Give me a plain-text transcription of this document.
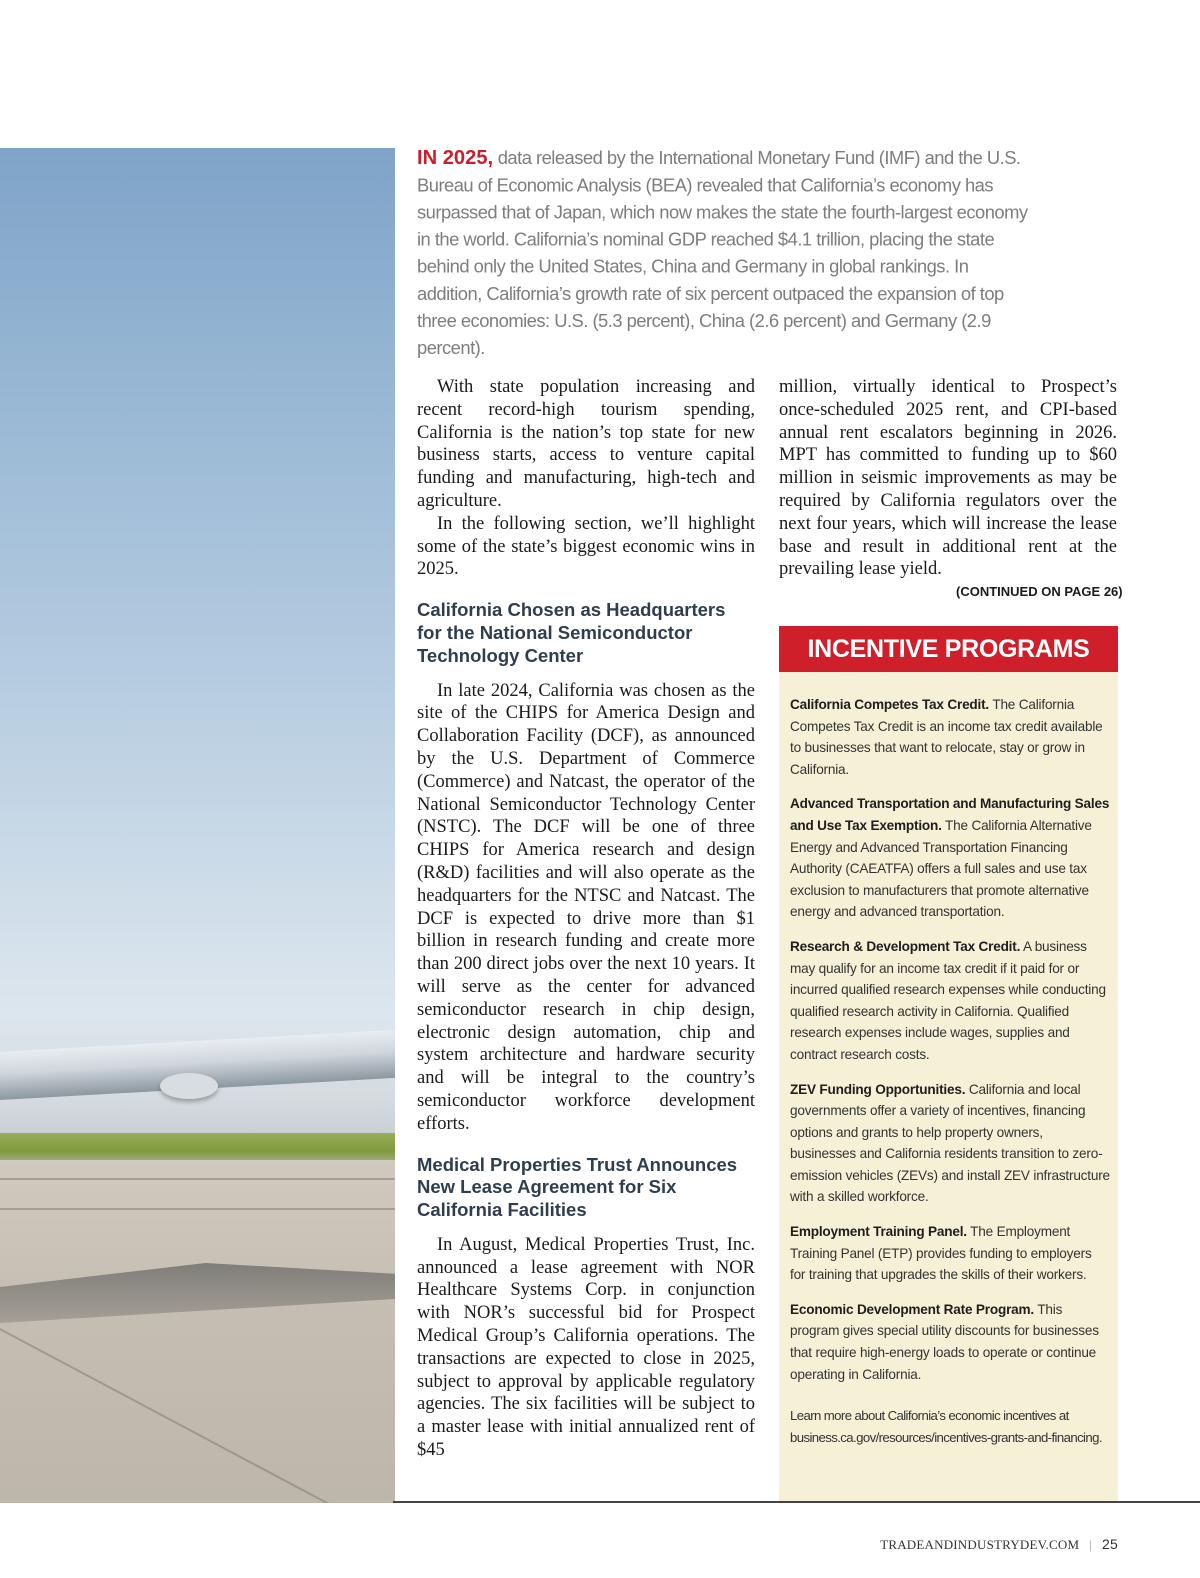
IN 2025, data released by the International Monetary Fund (IMF) and the U.S. Bureau of Economic Analysis (BEA) revealed that California’s economy has surpassed that of Japan, which now makes the state the fourth-largest economy in the world. California’s nominal GDP reached $4.1 trillion, placing the state behind only the United States, China and Germany in global rankings. In addition, California’s growth rate of six percent outpaced the expansion of top three economies: U.S. (5.3 percent), China (2.6 percent) and Germany (2.9 percent).

With state population increasing and recent record-high tourism spending, California is the nation’s top state for new business starts, access to venture capital funding and manufacturing, high-tech and agriculture.

In the following section, we’ll highlight some of the state’s biggest economic wins in 2025.

California Chosen as Headquarters for the National Semiconductor Technology Center

In late 2024, California was chosen as the site of the CHIPS for America Design and Collaboration Facility (DCF), as announced by the U.S. Department of Commerce (Commerce) and Natcast, the operator of the National Semiconductor Technology Center (NSTC). The DCF will be one of three CHIPS for America research and design (R&D) facilities and will also operate as the headquarters for the NTSC and Natcast. The DCF is expected to drive more than $1 billion in research funding and create more than 200 direct jobs over the next 10 years. It will serve as the center for advanced semiconductor research in chip design, electronic design automation, chip and system architecture and hardware security and will be integral to the country’s semiconductor workforce development efforts.

Medical Properties Trust Announces New Lease Agreement for Six California Facilities

In August, Medical Properties Trust, Inc. announced a lease agreement with NOR Healthcare Systems Corp. in conjunction with NOR’s successful bid for Prospect Medical Group’s California operations. The transactions are expected to close in 2025, subject to approval by applicable regulatory agencies. The six facilities will be subject to a master lease with initial annualized rent of $45

million, virtually identical to Prospect’s once-scheduled 2025 rent, and CPI-based annual rent escalators beginning in 2026. MPT has committed to funding up to $60 million in seismic improvements as may be required by California regulators over the next four years, which will increase the lease base and result in additional rent at the prevailing lease yield.

(CONTINUED ON PAGE 26)
INCENTIVE PROGRAMS
California Competes Tax Credit. The California Competes Tax Credit is an income tax credit available to businesses that want to relocate, stay or grow in California.
Advanced Transportation and Manufacturing Sales and Use Tax Exemption. The California Alternative Energy and Advanced Transportation Financing Authority (CAEATFA) offers a full sales and use tax exclusion to manufacturers that promote alternative energy and advanced transportation.
Research & Development Tax Credit. A business may qualify for an income tax credit if it paid for or incurred qualified research expenses while conducting qualified research activity in California. Qualified research expenses include wages, supplies and contract research costs.
ZEV Funding Opportunities. California and local governments offer a variety of incentives, financing options and grants to help property owners, businesses and California residents transition to zero-emission vehicles (ZEVs) and install ZEV infrastructure with a skilled workforce.
Employment Training Panel. The Employment Training Panel (ETP) provides funding to employers for training that upgrades the skills of their workers.
Economic Development Rate Program. This program gives special utility discounts for businesses that require high-energy loads to operate or continue operating in California.
Learn more about California’s economic incentives at
business.ca.gov/resources/incentives-grants-and-financing.
TRADEANDINDUSTRYDEV.COM | 25
